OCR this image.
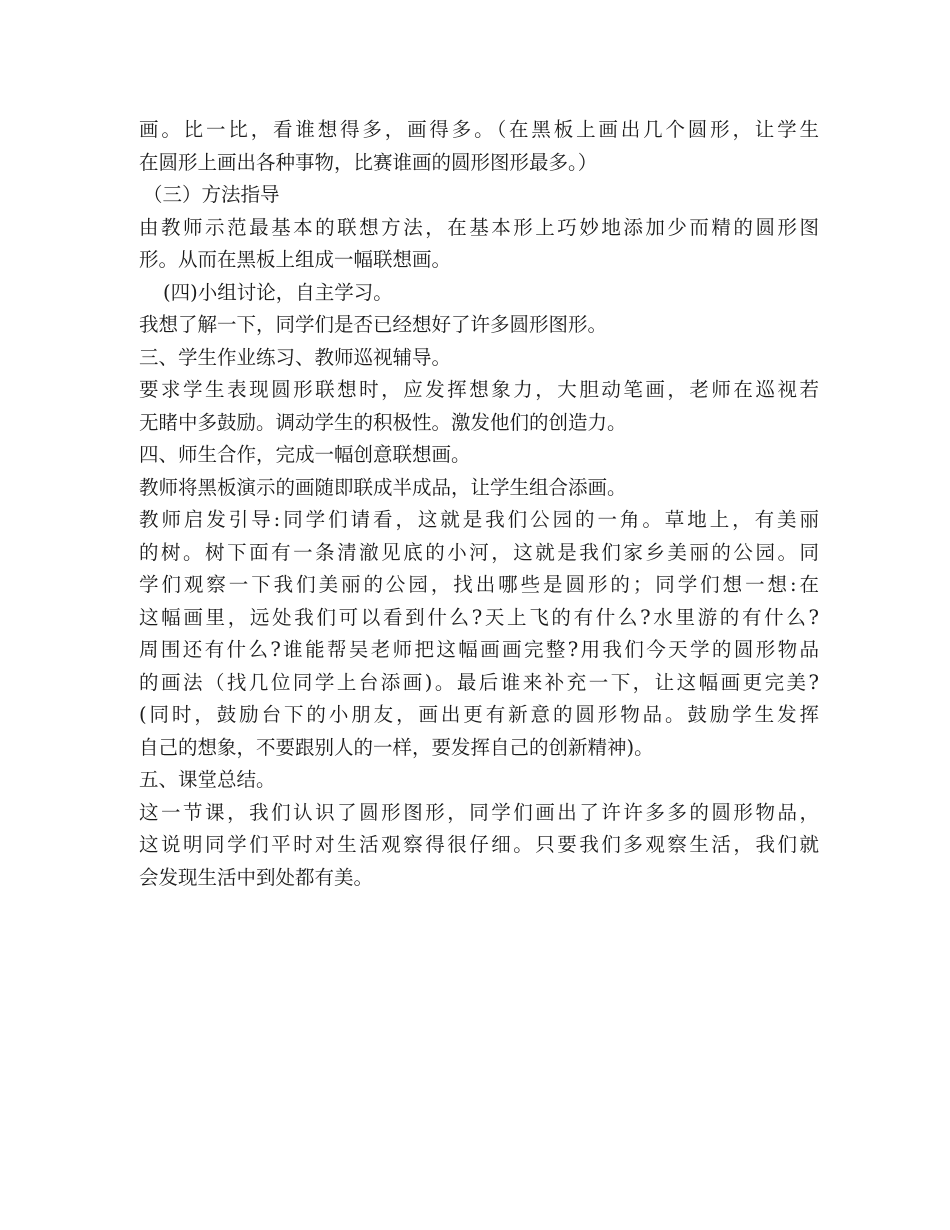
画。比一比，看谁想得多，画得多。（在黑板上画出几个圆形，让学生
在圆形上画出各种事物，比赛谁画的圆形图形最多。）
（三）方法指导
由教师示范最基本的联想方法，在基本形上巧妙地添加少而精的圆形图
形。从而在黑板上组成一幅联想画。
(四)小组讨论，自主学习。
我想了解一下，同学们是否已经想好了许多圆形图形。
三、学生作业练习、教师巡视辅导。
要求学生表现圆形联想时，应发挥想象力，大胆动笔画，老师在巡视若
无睹中多鼓励。调动学生的积极性。激发他们的创造力。
四、师生合作，完成一幅创意联想画。
教师将黑板演示的画随即联成半成品，让学生组合添画。
教师启发引导:同学们请看，这就是我们公园的一角。草地上，有美丽
的树。树下面有一条清澈见底的小河，这就是我们家乡美丽的公园。同
学们观察一下我们美丽的公园，找出哪些是圆形的；同学们想一想:在
这幅画里，远处我们可以看到什么?天上飞的有什么?水里游的有什么?
周围还有什么?谁能帮吴老师把这幅画画完整?用我们今天学的圆形物品
的画法（找几位同学上台添画)。最后谁来补充一下，让这幅画更完美?
(同时，鼓励台下的小朋友，画出更有新意的圆形物品。鼓励学生发挥
自己的想象，不要跟别人的一样，要发挥自己的创新精神)。
五、课堂总结。
这一节课，我们认识了圆形图形，同学们画出了许许多多的圆形物品，
这说明同学们平时对生活观察得很仔细。只要我们多观察生活，我们就
会发现生活中到处都有美。
